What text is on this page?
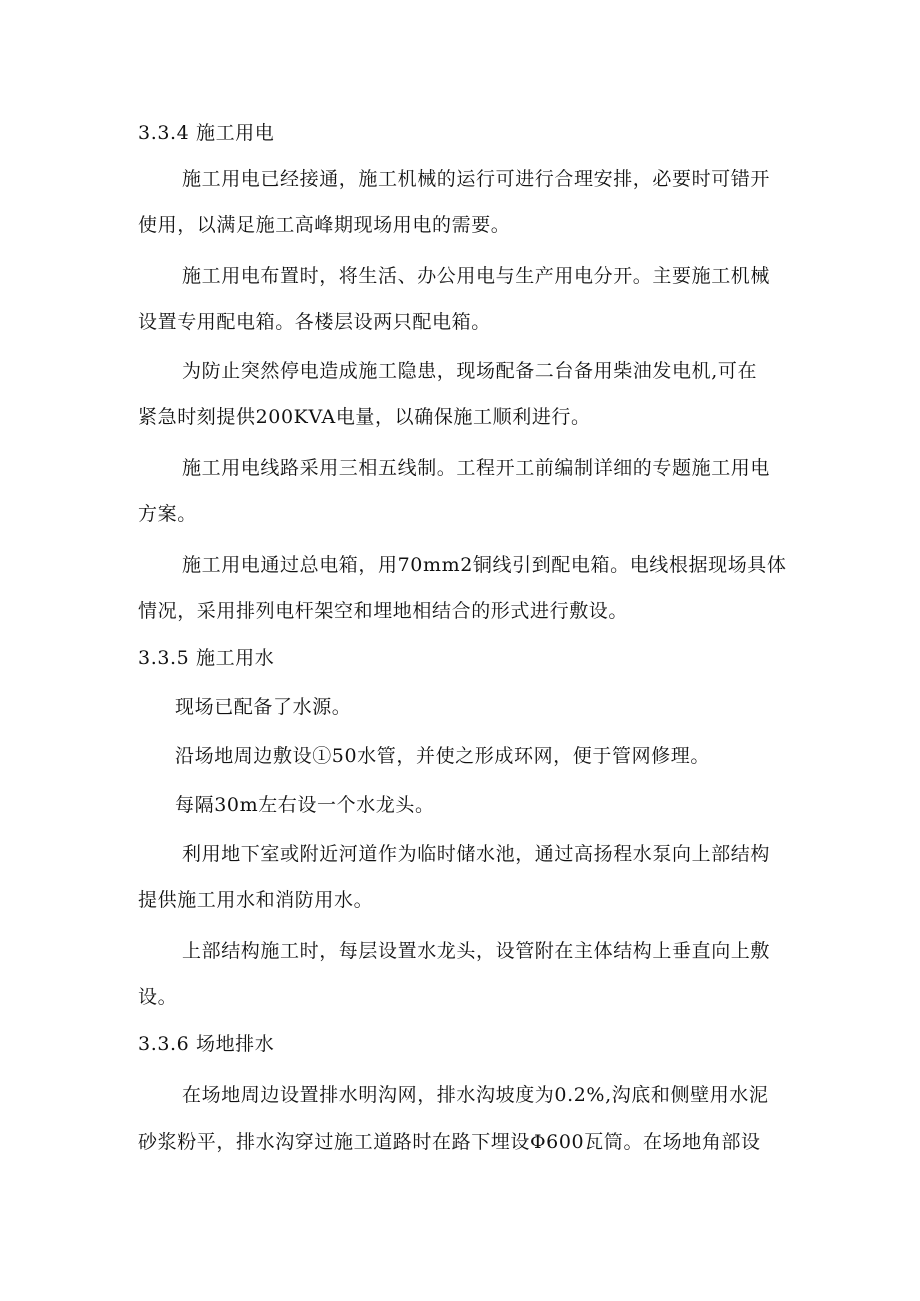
3.3.4 施工用电

施工用电已经接通，施工机械的运行可进行合理安排，必要时可错开

使用，以满足施工高峰期现场用电的需要。

施工用电布置时，将生活、办公用电与生产用电分开。主要施工机械

设置专用配电箱。各楼层设两只配电箱。

为防止突然停电造成施工隐患，现场配备二台备用柴油发电机,可在

紧急时刻提供200KVA电量，以确保施工顺利进行。

施工用电线路采用三相五线制。工程开工前编制详细的专题施工用电

方案。

施工用电通过总电箱，用70mm2铜线引到配电箱。电线根据现场具体

情况，采用排列电杆架空和埋地相结合的形式进行敷设。

3.3.5 施工用水

现场已配备了水源。

沿场地周边敷设①50水管，并使之形成环网，便于管网修理。

每隔30m左右设一个水龙头。

利用地下室或附近河道作为临时储水池，通过高扬程水泵向上部结构

提供施工用水和消防用水。

上部结构施工时，每层设置水龙头，设管附在主体结构上垂直向上敷

设。

3.3.6 场地排水

在场地周边设置排水明沟网，排水沟坡度为0.2%,沟底和侧壁用水泥

砂浆粉平，排水沟穿过施工道路时在路下埋设Φ600瓦筒。在场地角部设
